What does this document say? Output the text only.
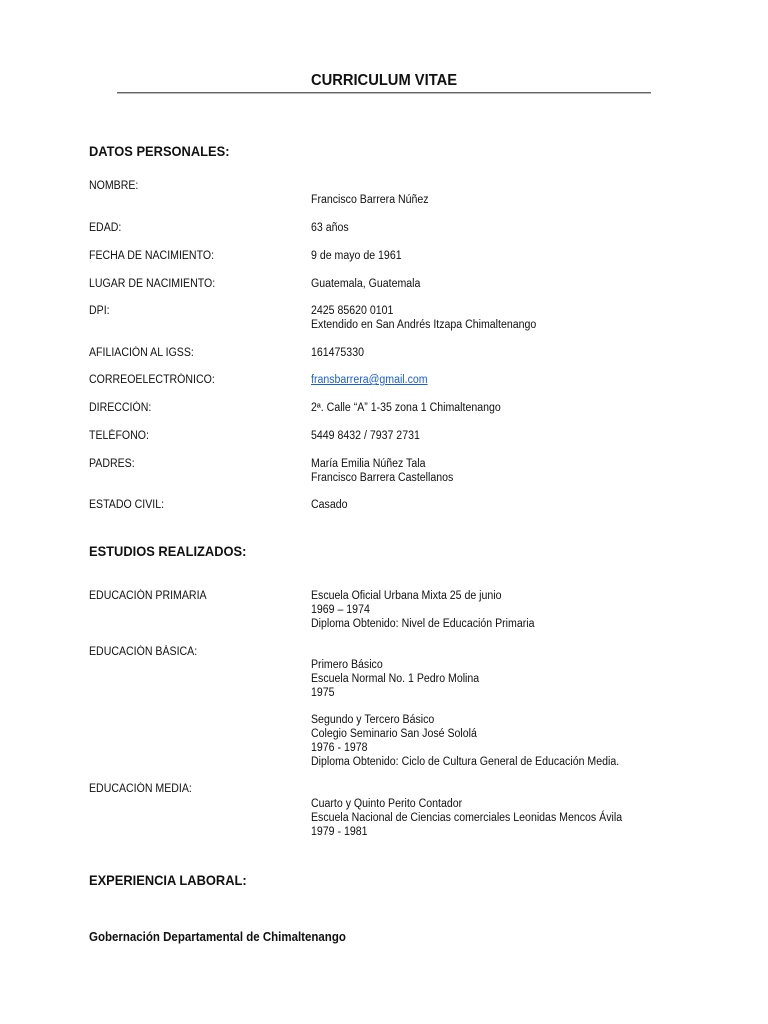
CURRICULUM VITAE
DATOS PERSONALES:
NOMBRE:
Francisco Barrera Núñez
EDAD:	63 años
FECHA DE NACIMIENTO:	9 de mayo de 1961
LUGAR DE NACIMIENTO:	Guatemala, Guatemala
DPI:	2425 85620 0101
Extendido en San Andrés Itzapa Chimaltenango
AFILIACIÓN AL IGSS:	161475330
CORREOELECTRÓNICO:	fransbarrera@gmail.com
DIRECCIÓN:	2ª. Calle “A” 1-35 zona 1 Chimaltenango
TELÉFONO:	5449 8432 / 7937 2731
PADRES:	María Emilia Núñez Tala
Francisco Barrera Castellanos
ESTADO CIVIL:	Casado
ESTUDIOS REALIZADOS:
EDUCACIÓN PRIMARIA	Escuela Oficial Urbana Mixta 25 de junio
1969 – 1974
Diploma Obtenido: Nivel de Educación Primaria
EDUCACIÓN BÁSICA:
Primero Básico
Escuela Normal No. 1 Pedro Molina
1975
Segundo y Tercero Básico
Colegio Seminario San José Sololá
1976 - 1978
Diploma Obtenido: Ciclo de Cultura General de Educación Media.
EDUCACIÓN MEDIA:
Cuarto y Quinto Perito Contador
Escuela Nacional de Ciencias comerciales Leonidas Mencos Ávila
1979 - 1981
EXPERIENCIA LABORAL:
Gobernación Departamental de Chimaltenango
